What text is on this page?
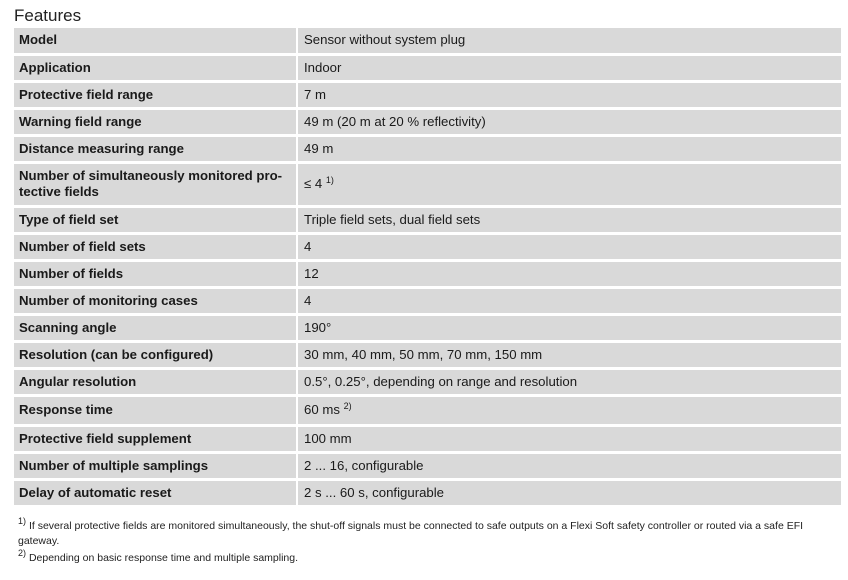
Features
Model	Sensor without system plug
Application	Indoor
Protective field range	7 m
Warning field range	49 m (20 m at 20 % reflectivity)
Distance measuring range	49 m
Number of simultaneously monitored pro-tective fields	≤ 4 $^{1)}$
Type of field set	Triple field sets, dual field sets
Number of field sets	4
Number of fields	12
Number of monitoring cases	4
Scanning angle	190°
Resolution (can be configured)	30 mm, 40 mm, 50 mm, 70 mm, 150 mm
Angular resolution	0.5°, 0.25°, depending on range and resolution
Response time	60 ms $^{2)}$
Protective field supplement	100 mm
Number of multiple samplings	2 ... 16, configurable
Delay of automatic reset	2 s ... 60 s, configurable

$^{1)}$ If several protective fields are monitored simultaneously, the shut-off signals must be connected to safe outputs on a Flexi Soft safety controller or routed via a safe EFI gateway.

$^{2)}$ Depending on basic response time and multiple sampling.
